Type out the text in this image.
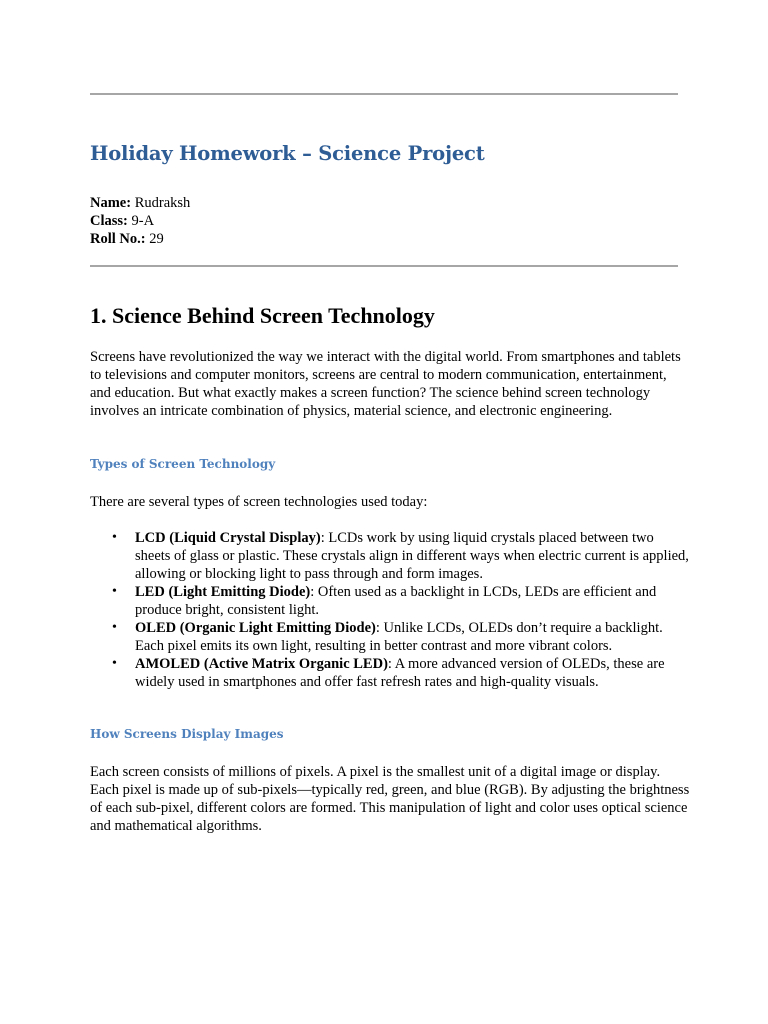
Holiday Homework – Science Project
Name: Rudraksh
Class: 9-A
Roll No.: 29
1. Science Behind Screen Technology

Screens have revolutionized the way we interact with the digital world. From smartphones and tablets to televisions and computer monitors, screens are central to modern communication, entertainment, and education. But what exactly makes a screen function? The science behind screen technology involves an intricate combination of physics, material science, and electronic engineering.

Types of Screen Technology

There are several types of screen technologies used today:

• LCD (Liquid Crystal Display): LCDs work by using liquid crystals placed between two sheets of glass or plastic. These crystals align in different ways when electric current is applied, allowing or blocking light to pass through and form images.
• LED (Light Emitting Diode): Often used as a backlight in LCDs, LEDs are efficient and produce bright, consistent light.
• OLED (Organic Light Emitting Diode): Unlike LCDs, OLEDs don’t require a backlight. Each pixel emits its own light, resulting in better contrast and more vibrant colors.
• AMOLED (Active Matrix Organic LED): A more advanced version of OLEDs, these are widely used in smartphones and offer fast refresh rates and high-quality visuals.
How Screens Display Images

Each screen consists of millions of pixels. A pixel is the smallest unit of a digital image or display. Each pixel is made up of sub-pixels—typically red, green, and blue (RGB). By adjusting the brightness of each sub-pixel, different colors are formed. This manipulation of light and color uses optical science and mathematical algorithms.
